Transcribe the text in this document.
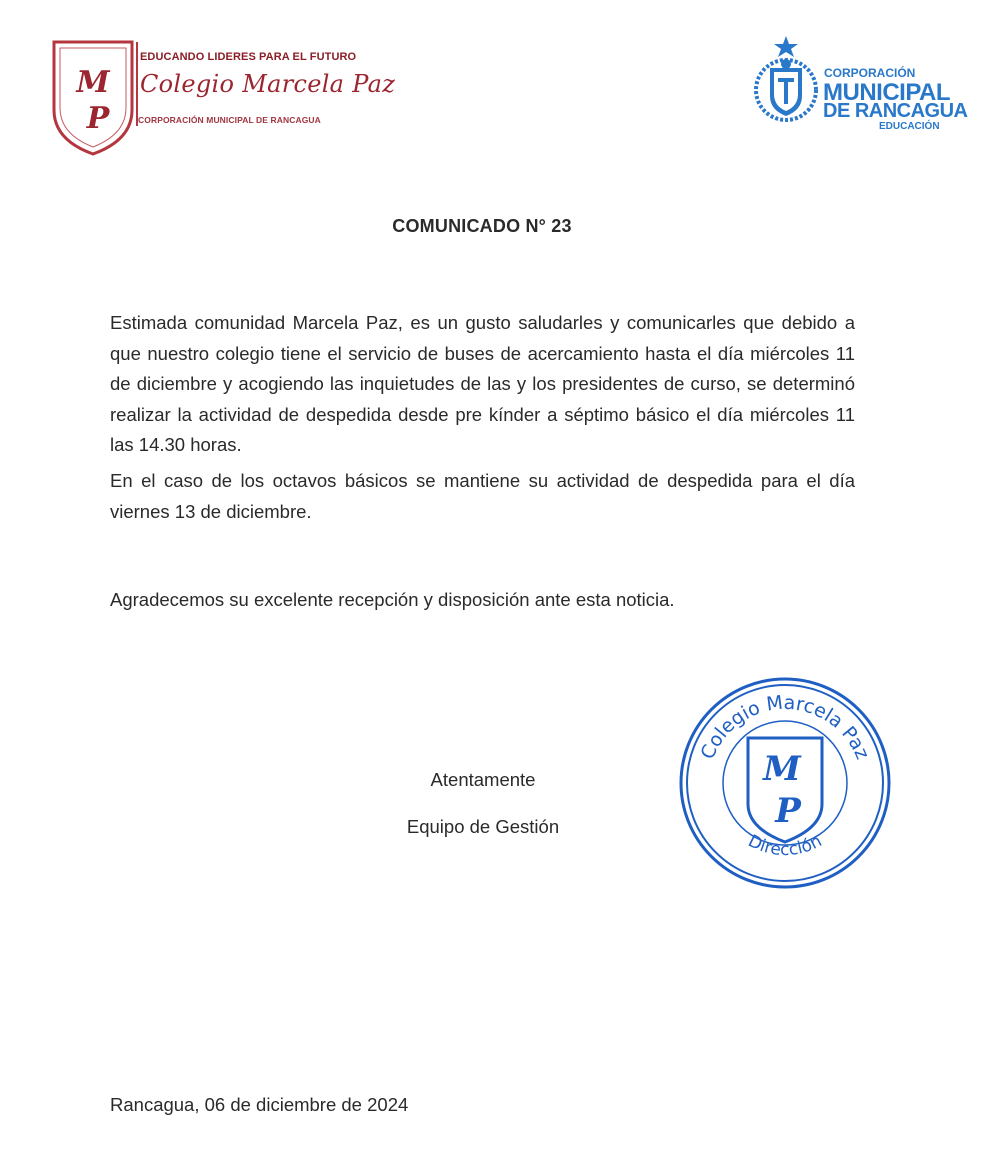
M
P
EDUCANDO LIDERES PARA EL FUTURO
Colegio Marcela Paz
CORPORACIÓN MUNICIPAL DE RANCAGUA
CORPORACIÓN
MUNICIPAL
DE RANCAGUA
EDUCACIÓN
COMUNICADO N° 23

Estimada comunidad Marcela Paz, es un gusto saludarles y comunicarles que debido a que nuestro colegio tiene el servicio de buses de acercamiento hasta el día miércoles 11 de diciembre y acogiendo las inquietudes de las y los presidentes de curso, se determinó realizar la actividad de despedida desde pre kínder a séptimo básico el día miércoles 11 las 14.30 horas.

En el caso de los octavos básicos se mantiene su actividad de despedida para el día viernes 13 de diciembre.

Agradecemos su excelente recepción y disposición ante esta noticia.

Atentamente
Equipo de Gestión
Colegio Marcela Paz
Dirección
M
P
Rancagua, 06 de diciembre de 2024
